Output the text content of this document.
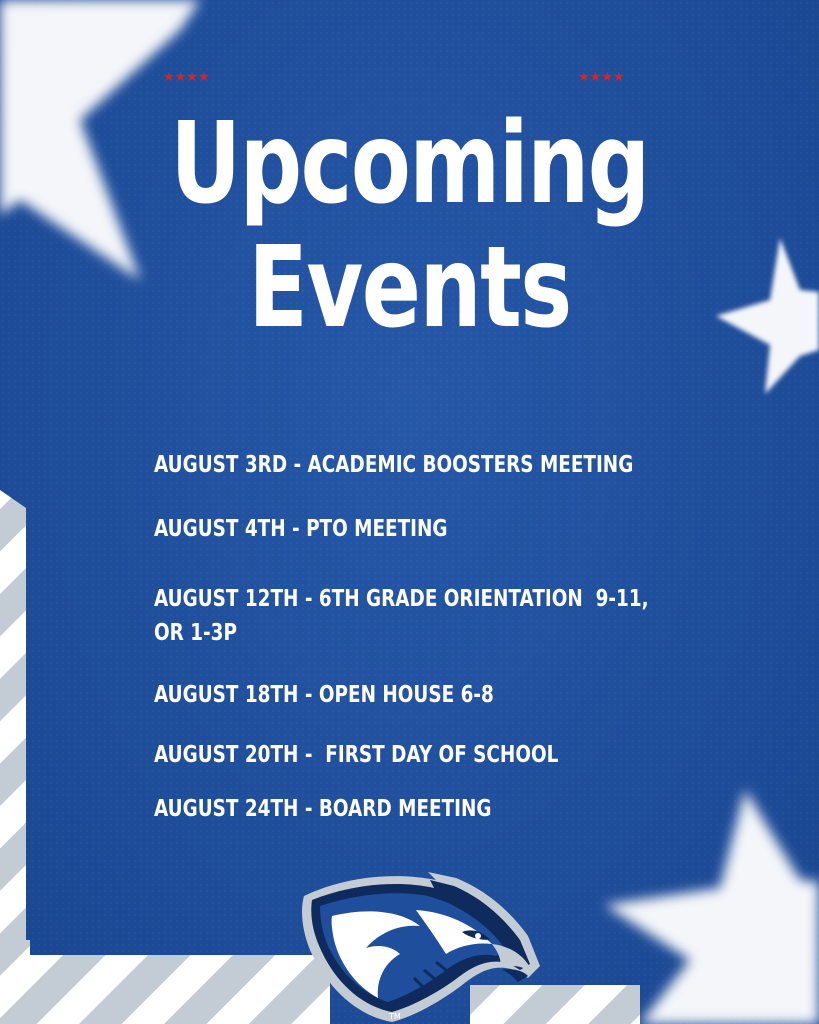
★★★★	★★★★
Upcoming
Events
AUGUST 3RD - ACADEMIC BOOSTERS MEETING
AUGUST 4TH - PTO MEETING
AUGUST 12TH - 6TH GRADE ORIENTATION  9-11,
OR 1-3P
AUGUST 18TH - OPEN HOUSE 6-8
AUGUST 20TH -  FIRST DAY OF SCHOOL
AUGUST 24TH - BOARD MEETING
TM
